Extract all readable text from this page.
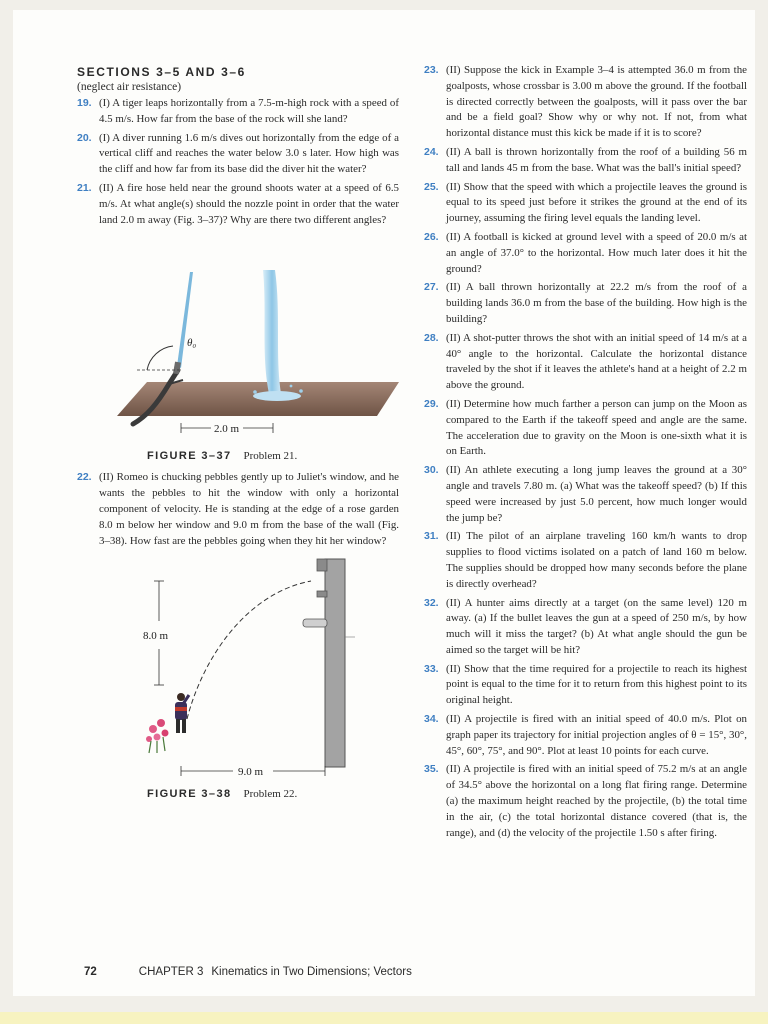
SECTIONS 3–5 AND 3–6
(neglect air resistance)
19. (I) A tiger leaps horizontally from a 7.5-m-high rock with a speed of 4.5 m/s. How far from the base of the rock will she land?
20. (I) A diver running 1.6 m/s dives out horizontally from the edge of a vertical cliff and reaches the water below 3.0 s later. How high was the cliff and how far from its base did the diver hit the water?
21. (II) A fire hose held near the ground shoots water at a speed of 6.5 m/s. At what angle(s) should the nozzle point in order that the water land 2.0 m away (Fig. 3–37)? Why are there two different angles?
θ₀
2.0 m
FIGURE 3–37 Problem 21.
22. (II) Romeo is chucking pebbles gently up to Juliet's window, and he wants the pebbles to hit the window with only a horizontal component of velocity. He is standing at the edge of a rose garden 8.0 m below her window and 9.0 m from the base of the wall (Fig. 3–38). How fast are the pebbles going when they hit her window?
8.0 m
9.0 m
FIGURE 3–38 Problem 22.
23. (II) Suppose the kick in Example 3–4 is attempted 36.0 m from the goalposts, whose crossbar is 3.00 m above the ground. If the football is directed correctly between the goalposts, will it pass over the bar and be a field goal? Show why or why not. If not, from what horizontal distance must this kick be made if it is to score?
24. (II) A ball is thrown horizontally from the roof of a building 56 m tall and lands 45 m from the base. What was the ball's initial speed?
25. (II) Show that the speed with which a projectile leaves the ground is equal to its speed just before it strikes the ground at the end of its journey, assuming the firing level equals the landing level.
26. (II) A football is kicked at ground level with a speed of 20.0 m/s at an angle of 37.0° to the horizontal. How much later does it hit the ground?
27. (II) A ball thrown horizontally at 22.2 m/s from the roof of a building lands 36.0 m from the base of the building. How high is the building?
28. (II) A shot-putter throws the shot with an initial speed of 14 m/s at a 40° angle to the horizontal. Calculate the horizontal distance traveled by the shot if it leaves the athlete's hand at a height of 2.2 m above the ground.
29. (II) Determine how much farther a person can jump on the Moon as compared to the Earth if the takeoff speed and angle are the same. The acceleration due to gravity on the Moon is one-sixth what it is on Earth.
30. (II) An athlete executing a long jump leaves the ground at a 30° angle and travels 7.80 m. (a) What was the takeoff speed? (b) If this speed were increased by just 5.0 percent, how much longer would the jump be?
31. (II) The pilot of an airplane traveling 160 km/h wants to drop supplies to flood victims isolated on a patch of land 160 m below. The supplies should be dropped how many seconds before the plane is directly overhead?
32. (II) A hunter aims directly at a target (on the same level) 120 m away. (a) If the bullet leaves the gun at a speed of 250 m/s, by how much will it miss the target? (b) At what angle should the gun be aimed so the target will be hit?
33. (II) Show that the time required for a projectile to reach its highest point is equal to the time for it to return from this highest point to its original height.
34. (II) A projectile is fired with an initial speed of 40.0 m/s. Plot on graph paper its trajectory for initial projection angles of θ = 15°, 30°, 45°, 60°, 75°, and 90°. Plot at least 10 points for each curve.
35. (II) A projectile is fired with an initial speed of 75.2 m/s at an angle of 34.5° above the horizontal on a long flat firing range. Determine (a) the maximum height reached by the projectile, (b) the total time in the air, (c) the total horizontal distance covered (that is, the range), and (d) the velocity of the projectile 1.50 s after firing.
72	CHAPTER 3 Kinematics in Two Dimensions; Vectors
